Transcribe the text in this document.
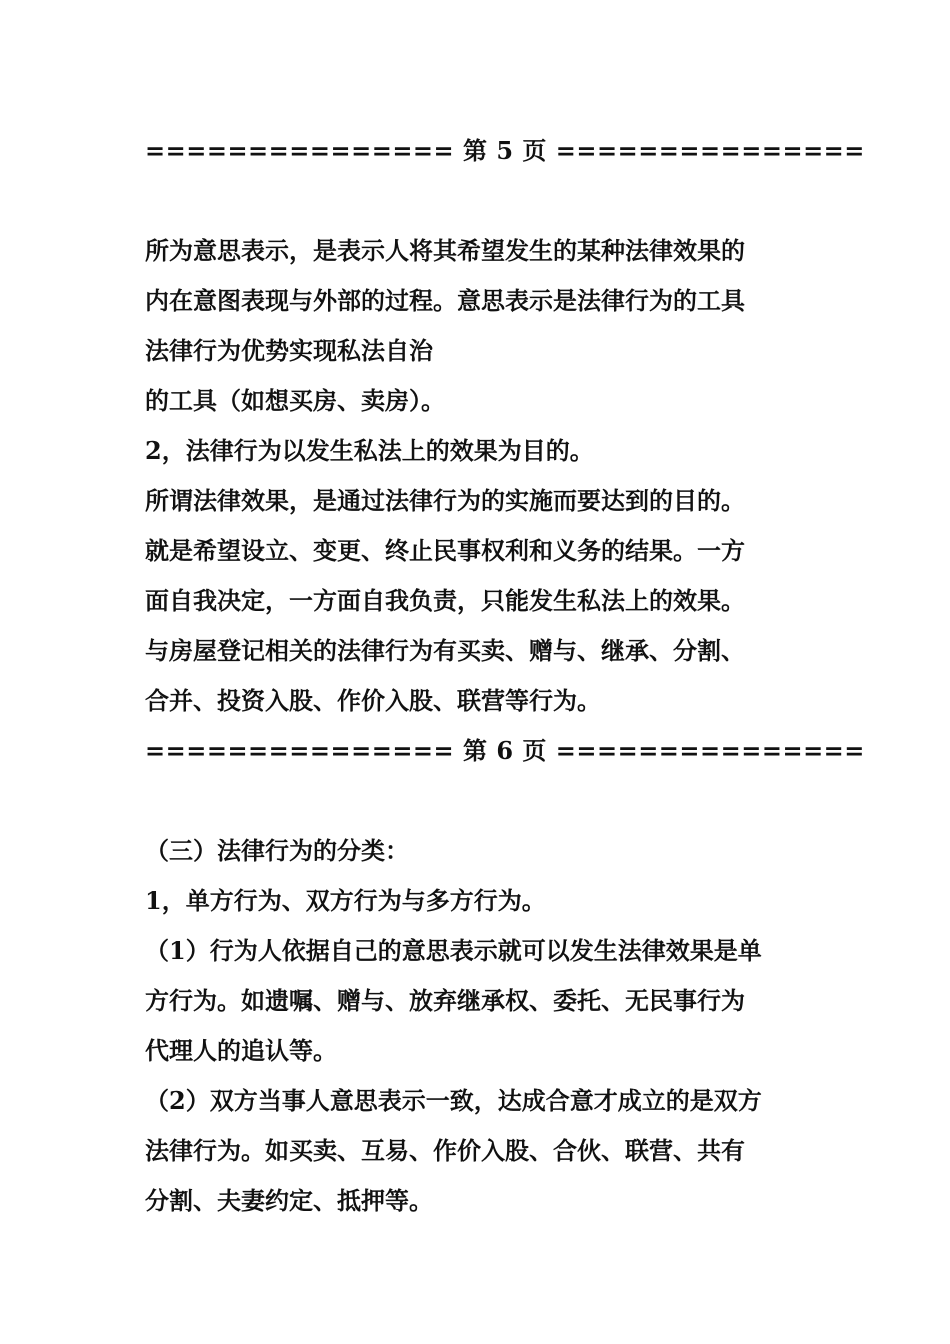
=============== 第 5 页 ===============
所为意思表示，是表示人将其希望发生的某种法律效果的
内在意图表现与外部的过程。意思表示是法律行为的工具
法律行为优势实现私法自治
的工具（如想买房、卖房）。
2，法律行为以发生私法上的效果为目的。
所谓法律效果，是通过法律行为的实施而要达到的目的。
就是希望设立、变更、终止民事权利和义务的结果。一方
面自我决定，一方面自我负责，只能发生私法上的效果。
与房屋登记相关的法律行为有买卖、赠与、继承、分割、
合并、投资入股、作价入股、联营等行为。
=============== 第 6 页 ===============
（三）法律行为的分类：
1，单方行为、双方行为与多方行为。
（1）行为人依据自己的意思表示就可以发生法律效果是单
方行为。如遗嘱、赠与、放弃继承权、委托、无民事行为
代理人的追认等。
（2）双方当事人意思表示一致，达成合意才成立的是双方
法律行为。如买卖、互易、作价入股、合伙、联营、共有
分割、夫妻约定、抵押等。
